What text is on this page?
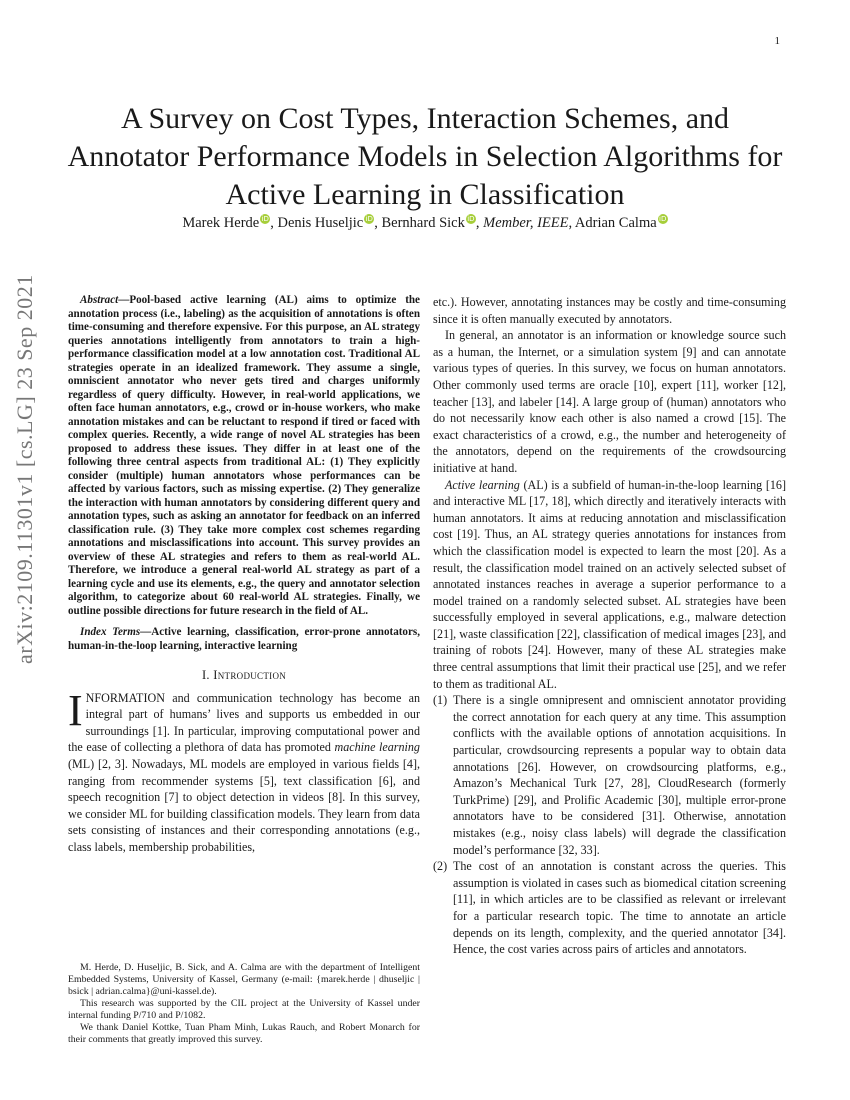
1
A Survey on Cost Types, Interaction Schemes, and Annotator Performance Models in Selection Algorithms for Active Learning in Classification
Marek Herde iD, Denis Huseljic iD, Bernhard Sick iD, Member, IEEE, Adrian Calma iD
arXiv:2109.11301v1 [cs.LG] 23 Sep 2021	Abstract—Pool-based active learning (AL) aims to optimize the annotation process (i.e., labeling) as the acquisition of annotations is often time-consuming and therefore expensive. For this purpose, an AL strategy queries annotations intelligently from annotators to train a high-performance classification model at a low annotation cost. Traditional AL strategies operate in an idealized framework. They assume a single, omniscient annotator who never gets tired and charges uniformly regardless of query difficulty. However, in real-world applications, we often face human annotators, e.g., crowd or in-house workers, who make annotation mistakes and can be reluctant to respond if tired or faced with complex queries. Recently, a wide range of novel AL strategies has been proposed to address these issues. They differ in at least one of the following three central aspects from traditional AL: (1) They explicitly consider (multiple) human annotators whose performances can be affected by various factors, such as missing expertise. (2) They generalize the interaction with human annotators by considering different query and annotation types, such as asking an annotator for feedback on an inferred classification rule. (3) They take more complex cost schemes regarding annotations and misclassifications into account. This survey provides an overview of these AL strategies and refers to them as real-world AL. Therefore, we introduce a general real-world AL strategy as part of a learning cycle and use its elements, e.g., the query and annotator selection algorithm, to categorize about 60 real-world AL strategies. Finally, we outline possible directions for future research in the field of AL.

Index Terms—Active learning, classification, error-prone annotators, human-in-the-loop learning, interactive learning

I. Introduction

INFORMATION and communication technology has become an integral part of humans’ lives and supports us embedded in our surroundings [1]. In particular, improving computational power and the ease of collecting a plethora of data has promoted machine learning (ML) [2, 3]. Nowadays, ML models are employed in various fields [4], ranging from recommender systems [5], text classification [6], and speech recognition [7] to object detection in videos [8]. In this survey, we consider ML for building classification models. They learn from data sets consisting of instances and their corresponding annotations (e.g., class labels, membership probabilities,

M. Herde, D. Huseljic, B. Sick, and A. Calma are with the department of Intelligent Embedded Systems, University of Kassel, Germany (e-mail: {marek.herde | dhuseljic | bsick | adrian.calma}@uni-kassel.de).

This research was supported by the CIL project at the University of Kassel under internal funding P/710 and P/1082.

We thank Daniel Kottke, Tuan Pham Minh, Lukas Rauch, and Robert Monarch for their comments that greatly improved this survey.

etc.). However, annotating instances may be costly and time-consuming since it is often manually executed by annotators.

In general, an annotator is an information or knowledge source such as a human, the Internet, or a simulation system [9] and can annotate various types of queries. In this survey, we focus on human annotators. Other commonly used terms are oracle [10], expert [11], worker [12], teacher [13], and labeler [14]. A large group of (human) annotators who do not necessarily know each other is also named a crowd [15]. The exact characteristics of a crowd, e.g., the number and heterogeneity of the annotators, depend on the requirements of the crowdsourcing initiative at hand.

Active learning (AL) is a subfield of human-in-the-loop learning [16] and interactive ML [17, 18], which directly and iteratively interacts with human annotators. It aims at reducing annotation and misclassification cost [19]. Thus, an AL strategy queries annotations for instances from which the classification model is expected to learn the most [20]. As a result, the classification model trained on an actively selected subset of annotated instances reaches in average a superior performance to a model trained on a randomly selected subset. AL strategies have been successfully employed in several applications, e.g., malware detection [21], waste classification [22], classification of medical images [23], and training of robots [24]. However, many of these AL strategies make three central assumptions that limit their practical use [25], and we refer to them as traditional AL.

(1) There is a single omnipresent and omniscient annotator providing the correct annotation for each query at any time. This assumption conflicts with the available options of annotation acquisitions. In particular, crowdsourcing represents a popular way to obtain data annotations [26]. However, on crowdsourcing platforms, e.g., Amazon’s Mechanical Turk [27, 28], CloudResearch (formerly TurkPrime) [29], and Prolific Academic [30], multiple error-prone annotators have to be considered [31]. Otherwise, annotation mistakes (e.g., noisy class labels) will degrade the classification model’s performance [32, 33].
(2) The cost of an annotation is constant across the queries. This assumption is violated in cases such as biomedical citation screening [11], in which articles are to be classified as relevant or irrelevant for a particular research topic. The time to annotate an article depends on its length, complexity, and the queried annotator [34]. Hence, the cost varies across pairs of articles and annotators.
